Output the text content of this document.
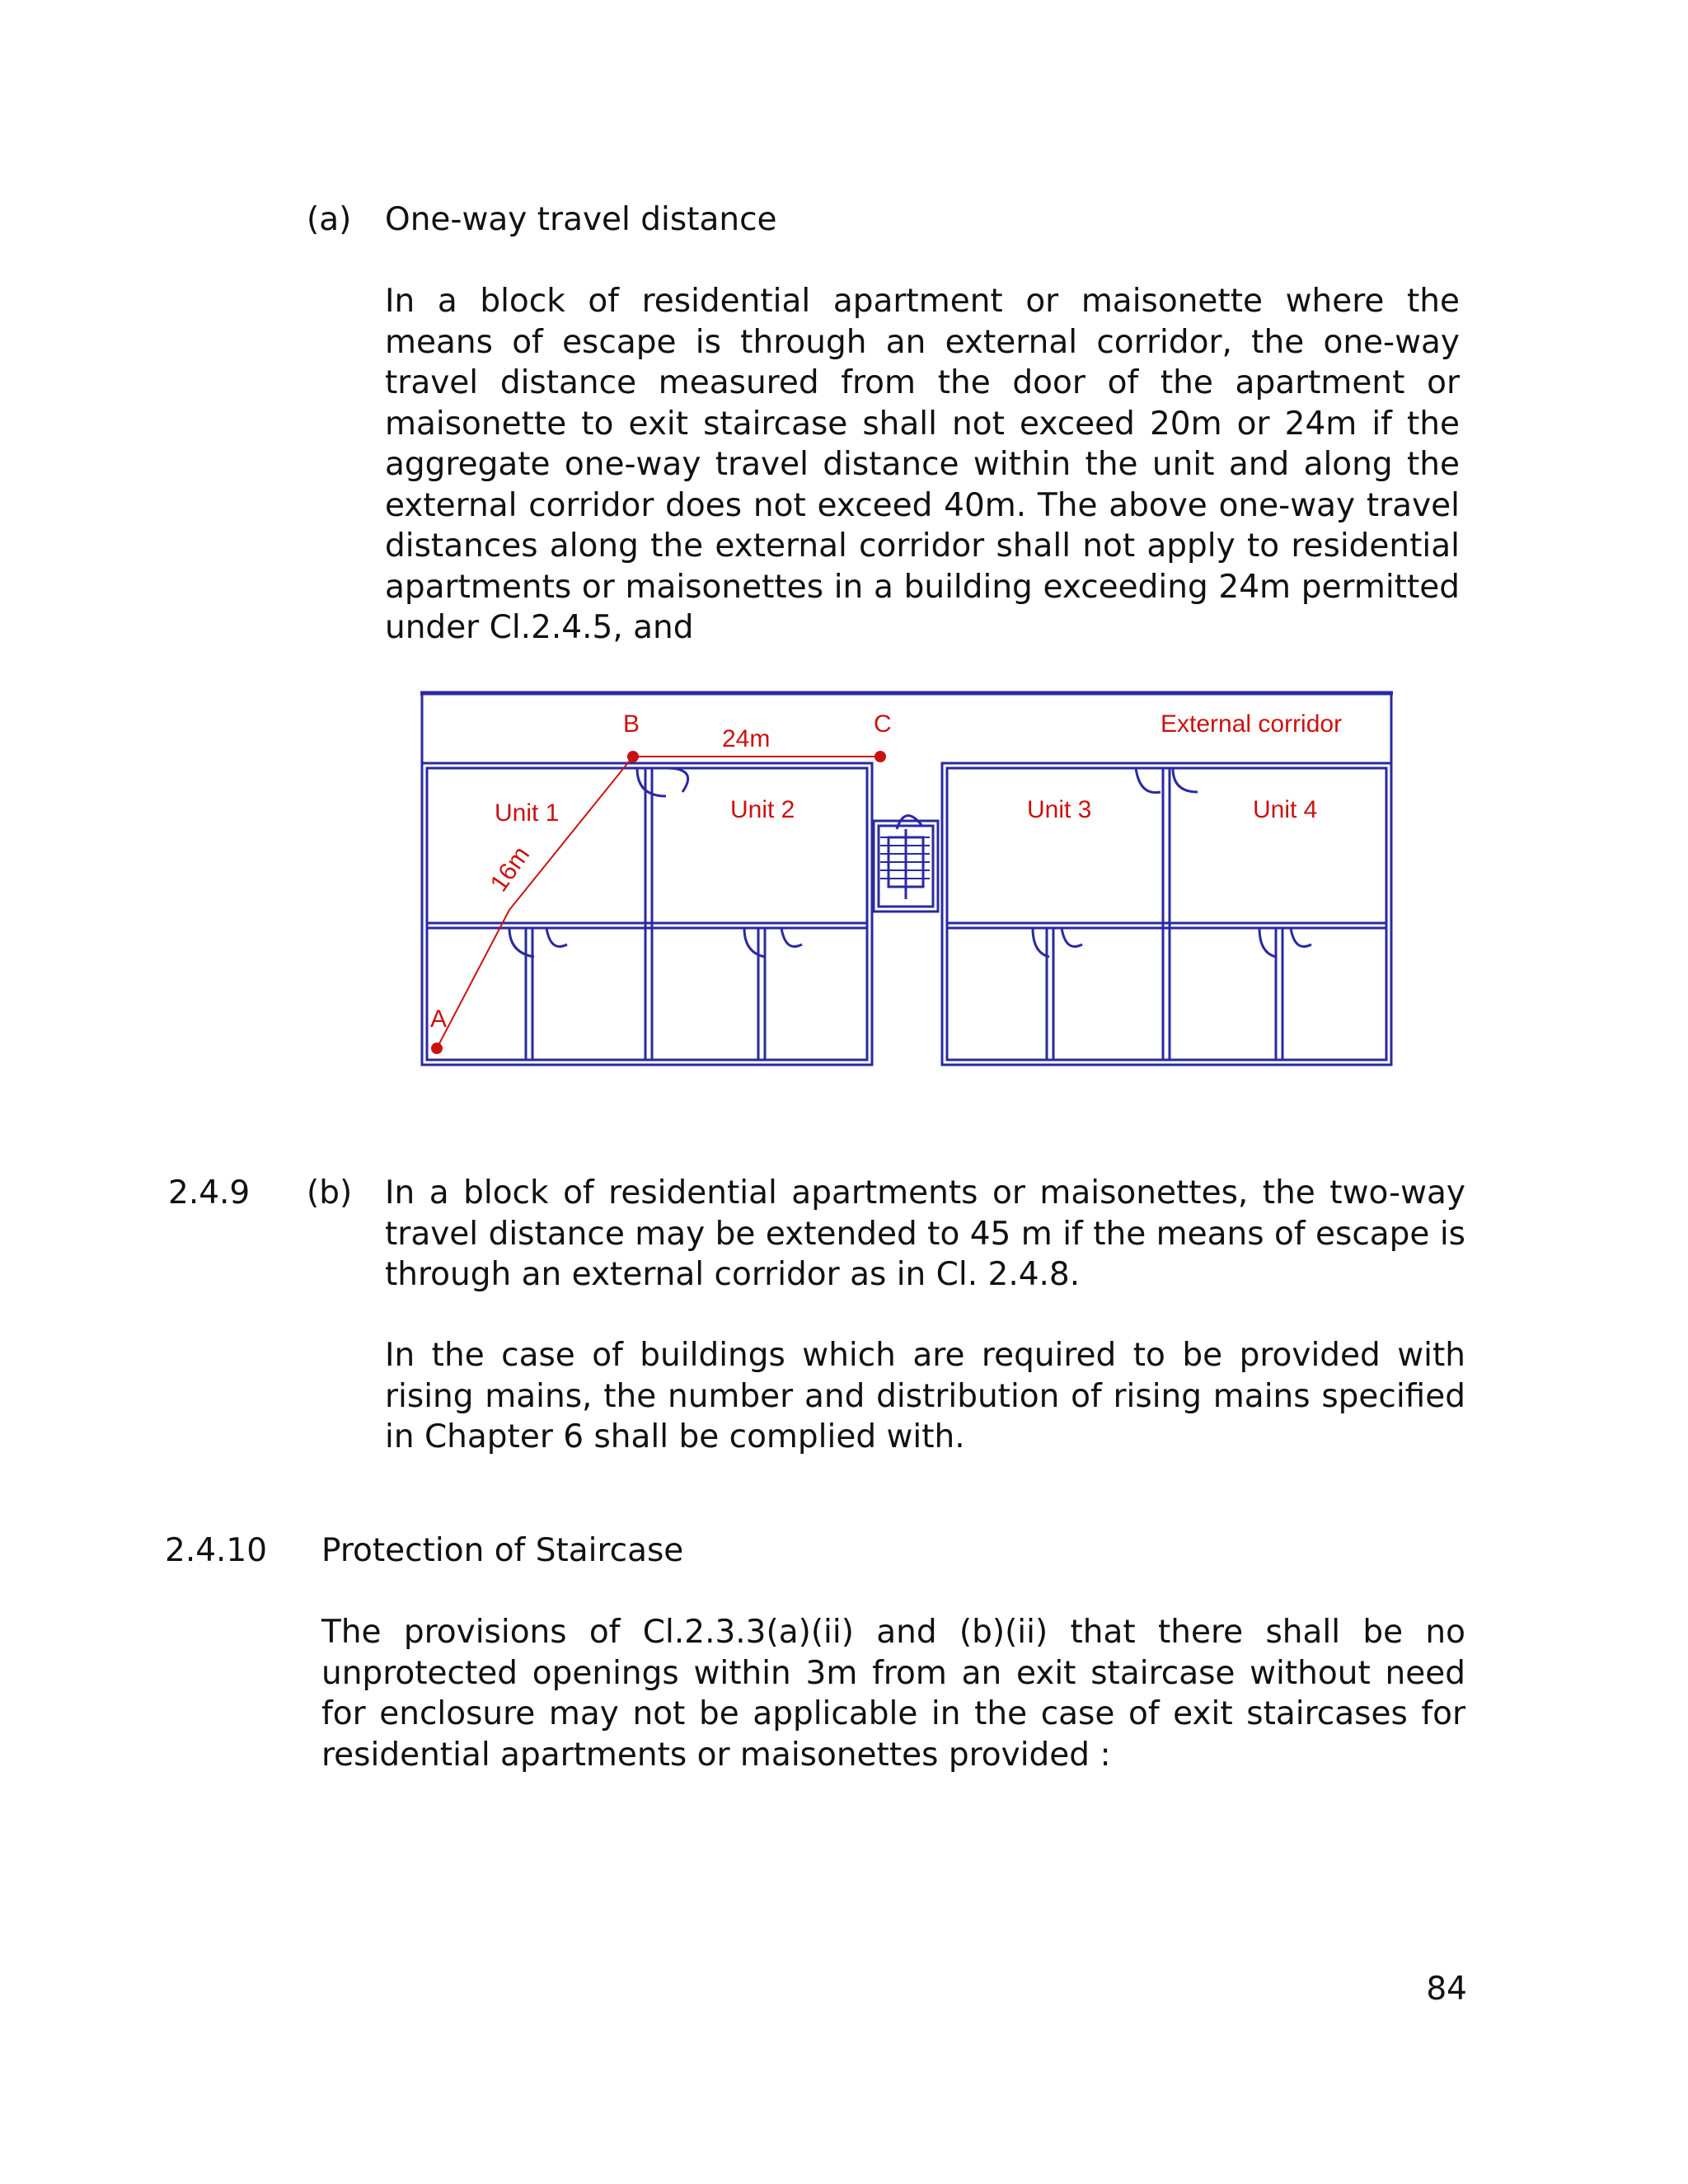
(a) One-way travel distance
In a block of residential apartment or maisonette where the means of escape is through an external corridor, the one-way travel distance measured from the door of the apartment or maisonette to exit staircase shall not exceed 20m or 24m if the aggregate one-way travel distance within the unit and along the external corridor does not exceed 40m. The above one-way travel distances along the external corridor shall not apply to residential apartments or maisonettes in a building exceeding 24m permitted under Cl.2.4.5, and
B	C
A
24m
16m
External corridor
Unit 1	Unit 2	Unit 3	Unit 4
2.4.9 (b) In a block of residential apartments or maisonettes, the two-way travel distance may be extended to 45 m if the means of escape is through an external corridor as in Cl. 2.4.8.
In the case of buildings which are required to be provided with rising mains, the number and distribution of rising mains specified in Chapter 6 shall be complied with.
2.4.10 Protection of Staircase
The provisions of Cl.2.3.3(a)(ii) and (b)(ii) that there shall be no unprotected openings within 3m from an exit staircase without need for enclosure may not be applicable in the case of exit staircases for residential apartments or maisonettes provided :
84
